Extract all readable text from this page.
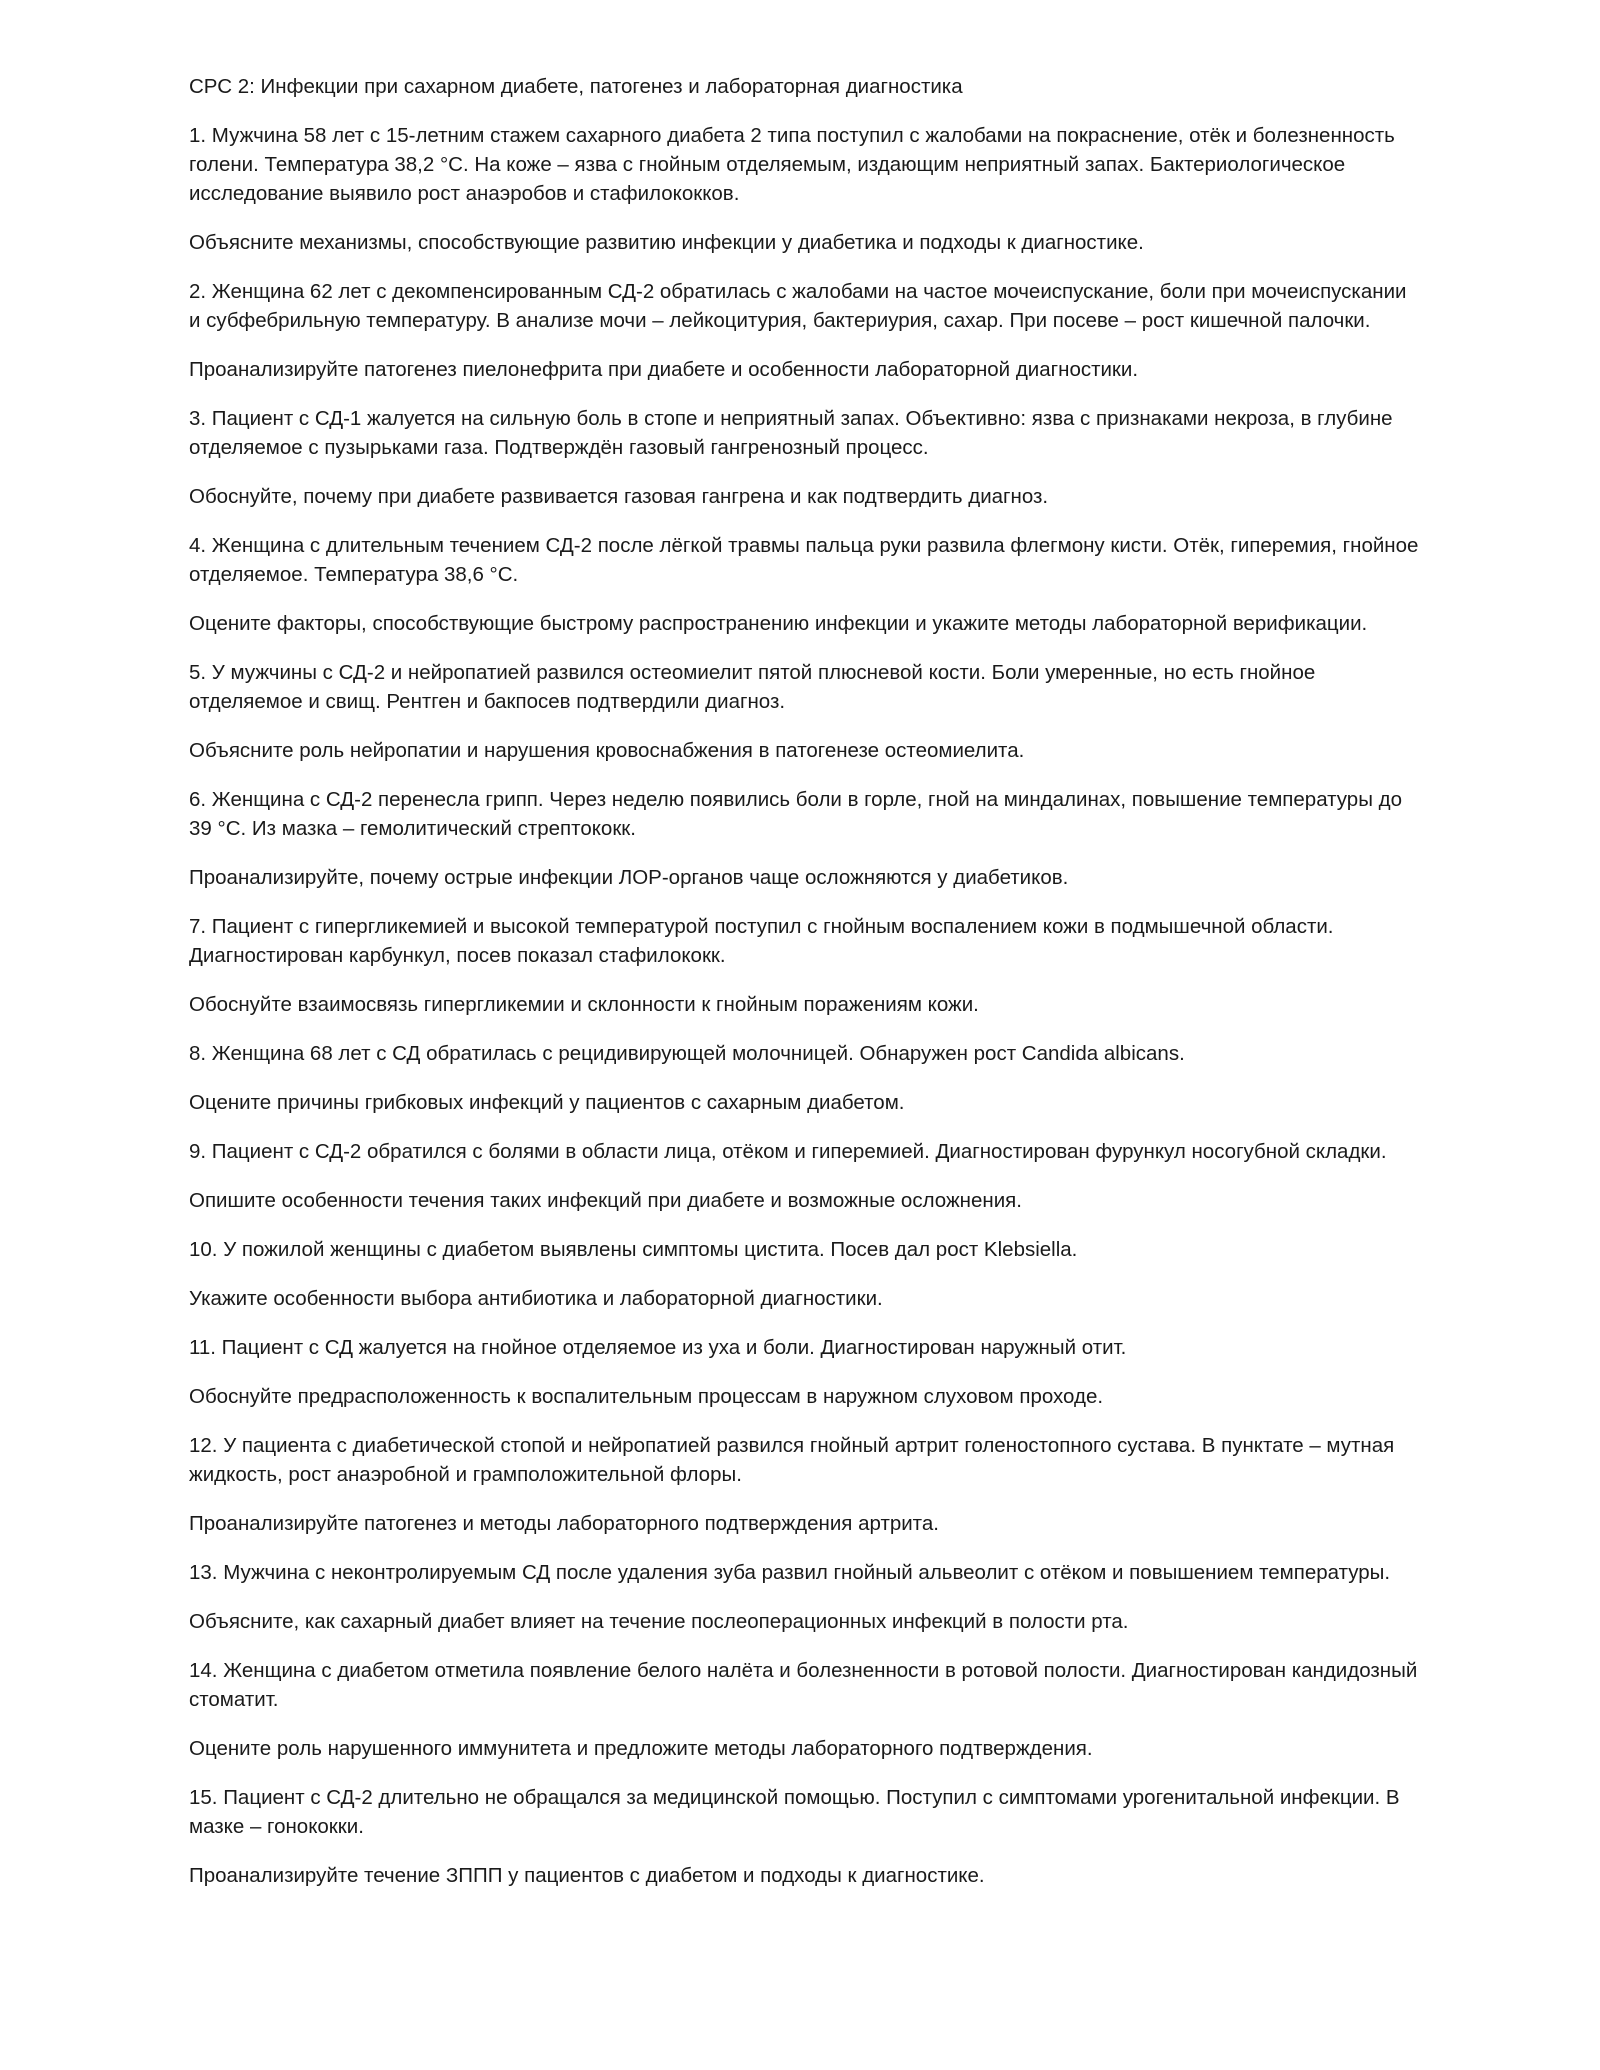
СРС 2: Инфекции при сахарном диабете, патогенез и лабораторная диагностика

1. Мужчина 58 лет с 15-летним стажем сахарного диабета 2 типа поступил с жалобами на покраснение, отёк и болезненность голени. Температура 38,2 °С. На коже – язва с гнойным отделяемым, издающим неприятный запах. Бактериологическое исследование выявило рост анаэробов и стафилококков.

Объясните механизмы, способствующие развитию инфекции у диабетика и подходы к диагностике.

2. Женщина 62 лет с декомпенсированным СД-2 обратилась с жалобами на частое мочеиспускание, боли при мочеиспускании и субфебрильную температуру. В анализе мочи – лейкоцитурия, бактериурия, сахар. При посеве – рост кишечной палочки.

Проанализируйте патогенез пиелонефрита при диабете и особенности лабораторной диагностики.

3. Пациент с СД-1 жалуется на сильную боль в стопе и неприятный запах. Объективно: язва с признаками некроза, в глубине отделяемое с пузырьками газа. Подтверждён газовый гангренозный процесс.

Обоснуйте, почему при диабете развивается газовая гангрена и как подтвердить диагноз.

4. Женщина с длительным течением СД-2 после лёгкой травмы пальца руки развила флегмону кисти. Отёк, гиперемия, гнойное отделяемое. Температура 38,6 °С.

Оцените факторы, способствующие быстрому распространению инфекции и укажите методы лабораторной верификации.

5. У мужчины с СД-2 и нейропатией развился остеомиелит пятой плюсневой кости. Боли умеренные, но есть гнойное отделяемое и свищ. Рентген и бакпосев подтвердили диагноз.

Объясните роль нейропатии и нарушения кровоснабжения в патогенезе остеомиелита.

6. Женщина с СД-2 перенесла грипп. Через неделю появились боли в горле, гной на миндалинах, повышение температуры до 39 °С. Из мазка – гемолитический стрептококк.

Проанализируйте, почему острые инфекции ЛОР-органов чаще осложняются у диабетиков.

7. Пациент с гипергликемией и высокой температурой поступил с гнойным воспалением кожи в подмышечной области. Диагностирован карбункул, посев показал стафилококк.

Обоснуйте взаимосвязь гипергликемии и склонности к гнойным поражениям кожи.

8. Женщина 68 лет с СД обратилась с рецидивирующей молочницей. Обнаружен рост Candida albicans.

Оцените причины грибковых инфекций у пациентов с сахарным диабетом.

9. Пациент с СД-2 обратился с болями в области лица, отёком и гиперемией. Диагностирован фурункул носогубной складки.

Опишите особенности течения таких инфекций при диабете и возможные осложнения.

10. У пожилой женщины с диабетом выявлены симптомы цистита. Посев дал рост Klebsiella.

Укажите особенности выбора антибиотика и лабораторной диагностики.

11. Пациент с СД жалуется на гнойное отделяемое из уха и боли. Диагностирован наружный отит.

Обоснуйте предрасположенность к воспалительным процессам в наружном слуховом проходе.

12. У пациента с диабетической стопой и нейропатией развился гнойный артрит голеностопного сустава. В пунктате – мутная жидкость, рост анаэробной и грамположительной флоры.

Проанализируйте патогенез и методы лабораторного подтверждения артрита.

13. Мужчина с неконтролируемым СД после удаления зуба развил гнойный альвеолит с отёком и повышением температуры.

Объясните, как сахарный диабет влияет на течение послеоперационных инфекций в полости рта.

14. Женщина с диабетом отметила появление белого налёта и болезненности в ротовой полости. Диагностирован кандидозный стоматит.

Оцените роль нарушенного иммунитета и предложите методы лабораторного подтверждения.

15. Пациент с СД-2 длительно не обращался за медицинской помощью. Поступил с симптомами урогенитальной инфекции. В мазке – гонококки.

Проанализируйте течение ЗППП у пациентов с диабетом и подходы к диагностике.
